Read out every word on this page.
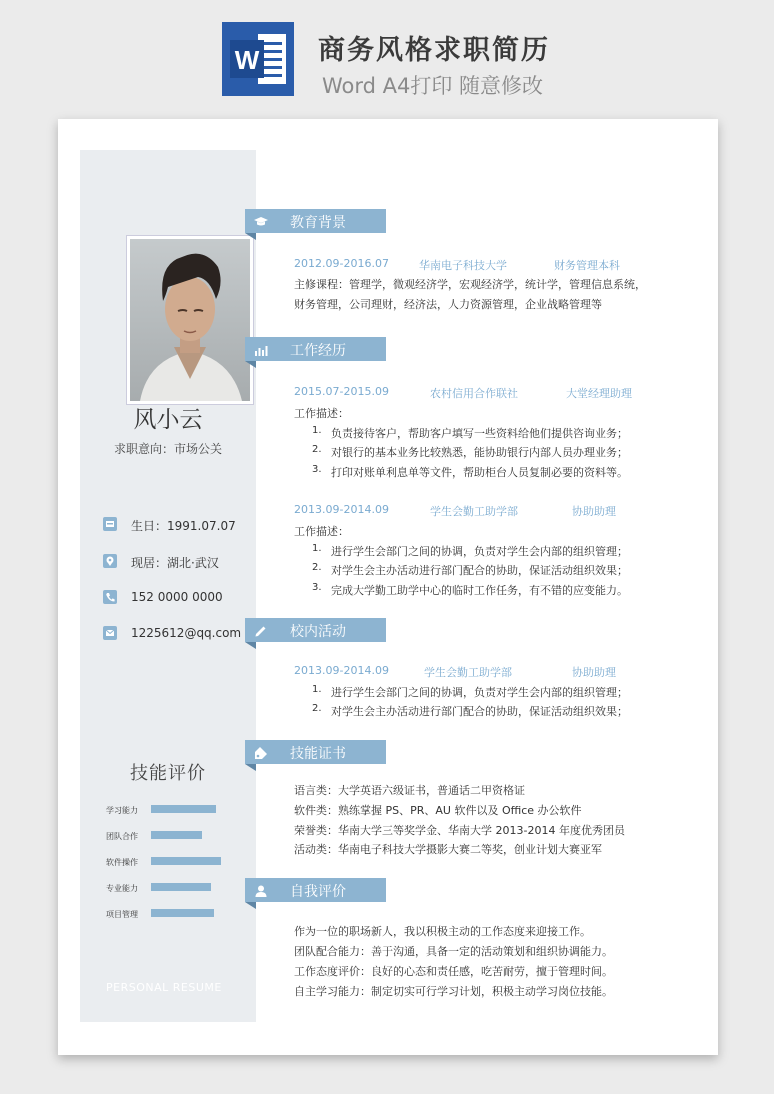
W 商务风格求职简历
Word A4打印 随意修改
风小云
求职意向：市场公关
生日：1991.07.07
现居：湖北·武汉
152 0000 0000
1225612@qq.com
技能评价
学习能力
团队合作
软件操作
专业能力
项目管理
PERSONAL RESUME
教育背景
2012.09-2016.07	华南电子科技大学	财务管理本科
主修课程：管理学，微观经济学，宏观经济学，统计学，管理信息系统，
财务管理，公司理财，经济法，人力资源管理，企业战略管理等
工作经历
2015.07-2015.09	农村信用合作联社	大堂经理助理
工作描述：
1. 负责接待客户，帮助客户填写一些资料给他们提供咨询业务；
2. 对银行的基本业务比较熟悉，能协助银行内部人员办理业务；
3. 打印对账单利息单等文件，帮助柜台人员复制必要的资料等。
2013.09-2014.09	学生会勤工助学部	协助助理
工作描述：
1. 进行学生会部门之间的协调，负责对学生会内部的组织管理；
2. 对学生会主办活动进行部门配合的协助，保证活动组织效果；
3. 完成大学勤工助学中心的临时工作任务，有不错的应变能力。
校内活动
2013.09-2014.09	学生会勤工助学部	协助助理
1. 进行学生会部门之间的协调，负责对学生会内部的组织管理；
2. 对学生会主办活动进行部门配合的协助，保证活动组织效果；
技能证书
语言类：大学英语六级证书，普通话二甲资格证
软件类：熟练掌握 PS、PR、AU 软件以及 Office 办公软件
荣誉类：华南大学三等奖学金、华南大学 2013-2014 年度优秀团员
活动类：华南电子科技大学摄影大赛二等奖，创业计划大赛亚军
自我评价
作为一位的职场新人，我以积极主动的工作态度来迎接工作。
团队配合能力：善于沟通，具备一定的活动策划和组织协调能力。
工作态度评价：良好的心态和责任感，吃苦耐劳，擅于管理时间。
自主学习能力：制定切实可行学习计划，积极主动学习岗位技能。
